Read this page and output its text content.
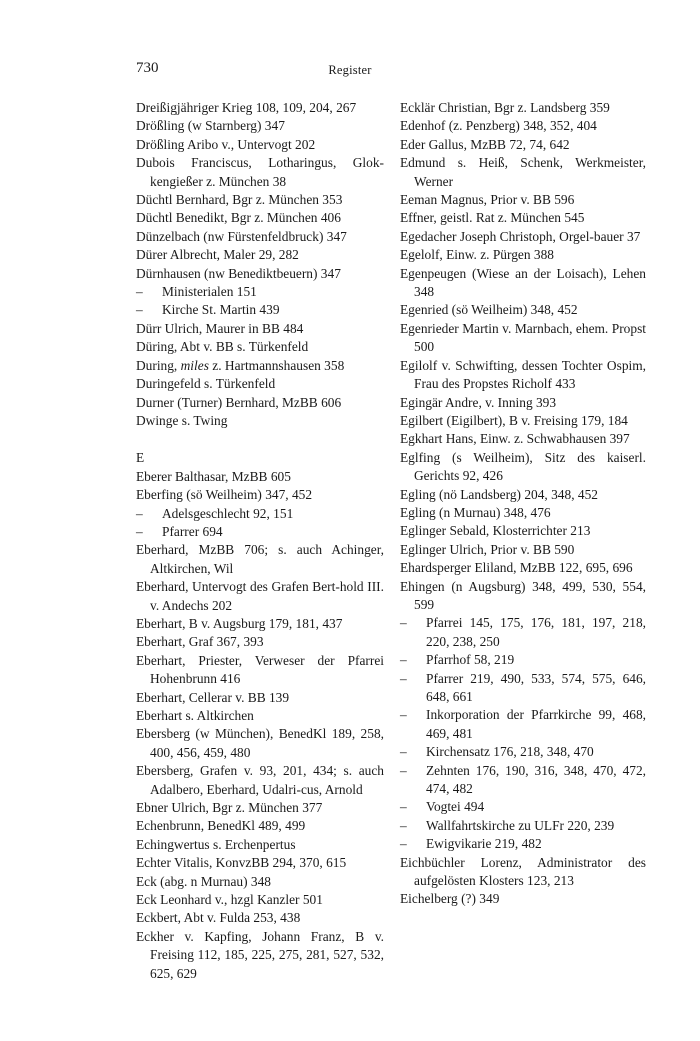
730	Register
Dreißigjähriger Krieg 108, 109, 204, 267
Drößling (w Starnberg) 347
Drößling Aribo v., Untervogt 202
Dubois Franciscus, Lotharingus, Glok-kengießer z. München 38
Düchtl Bernhard, Bgr z. München 353
Düchtl Benedikt, Bgr z. München 406
Dünzelbach (nw Fürstenfeldbruck) 347
Dürer Albrecht, Maler 29, 282
Dürnhausen (nw Benediktbeuern) 347
– Ministerialen 151
– Kirche St. Martin 439
Dürr Ulrich, Maurer in BB 484
Düring, Abt v. BB s. Türkenfeld
During, miles z. Hartmannshausen 358
Duringefeld s. Türkenfeld
Durner (Turner) Bernhard, MzBB 606
Dwinge s. Twing
E
Eberer Balthasar, MzBB 605
Eberfing (sö Weilheim) 347, 452
– Adelsgeschlecht 92, 151
– Pfarrer 694
Eberhard, MzBB 706; s. auch Achinger, Altkirchen, Wil
Eberhard, Untervogt des Grafen Bert-hold III. v. Andechs 202
Eberhart, B v. Augsburg 179, 181, 437
Eberhart, Graf 367, 393
Eberhart, Priester, Verweser der Pfarrei Hohenbrunn 416
Eberhart, Cellerar v. BB 139
Eberhart s. Altkirchen
Ebersberg (w München), BenedKl 189, 258, 400, 456, 459, 480
Ebersberg, Grafen v. 93, 201, 434; s. auch Adalbero, Eberhard, Udalri-cus, Arnold
Ebner Ulrich, Bgr z. München 377
Echenbrunn, BenedKl 489, 499
Echingwertus s. Erchenpertus
Echter Vitalis, KonvzBB 294, 370, 615
Eck (abg. n Murnau) 348
Eck Leonhard v., hzgl Kanzler 501
Eckbert, Abt v. Fulda 253, 438
Eckher v. Kapfing, Johann Franz, B v. Freising 112, 185, 225, 275, 281, 527, 532, 625, 629
Ecklär Christian, Bgr z. Landsberg 359
Edenhof (z. Penzberg) 348, 352, 404
Eder Gallus, MzBB 72, 74, 642
Edmund s. Heiß, Schenk, Werkmeister, Werner
Eeman Magnus, Prior v. BB 596
Effner, geistl. Rat z. München 545
Egedacher Joseph Christoph, Orgel-bauer 37
Egelolf, Einw. z. Pürgen 388
Egenpeugen (Wiese an der Loisach), Lehen 348
Egenried (sö Weilheim) 348, 452
Egenrieder Martin v. Marnbach, ehem. Propst 500
Egilolf v. Schwifting, dessen Tochter Ospim, Frau des Propstes Richolf 433
Egingär Andre, v. Inning 393
Egilbert (Eigilbert), B v. Freising 179, 184
Egkhart Hans, Einw. z. Schwabhausen 397
Eglfing (s Weilheim), Sitz des kaiserl. Gerichts 92, 426
Egling (nö Landsberg) 204, 348, 452
Egling (n Murnau) 348, 476
Eglinger Sebald, Klosterrichter 213
Eglinger Ulrich, Prior v. BB 590
Ehardsperger Eliland, MzBB 122, 695, 696
Ehingen (n Augsburg) 348, 499, 530, 554, 599
– Pfarrei 145, 175, 176, 181, 197, 218, 220, 238, 250
– Pfarrhof 58, 219
– Pfarrer 219, 490, 533, 574, 575, 646, 648, 661
– Inkorporation der Pfarrkirche 99, 468, 469, 481
– Kirchensatz 176, 218, 348, 470
– Zehnten 176, 190, 316, 348, 470, 472, 474, 482
– Vogtei 494
– Wallfahrtskirche zu ULFr 220, 239
– Ewigvikarie 219, 482
Eichbüchler Lorenz, Administrator des aufgelösten Klosters 123, 213
Eichelberg (?) 349
